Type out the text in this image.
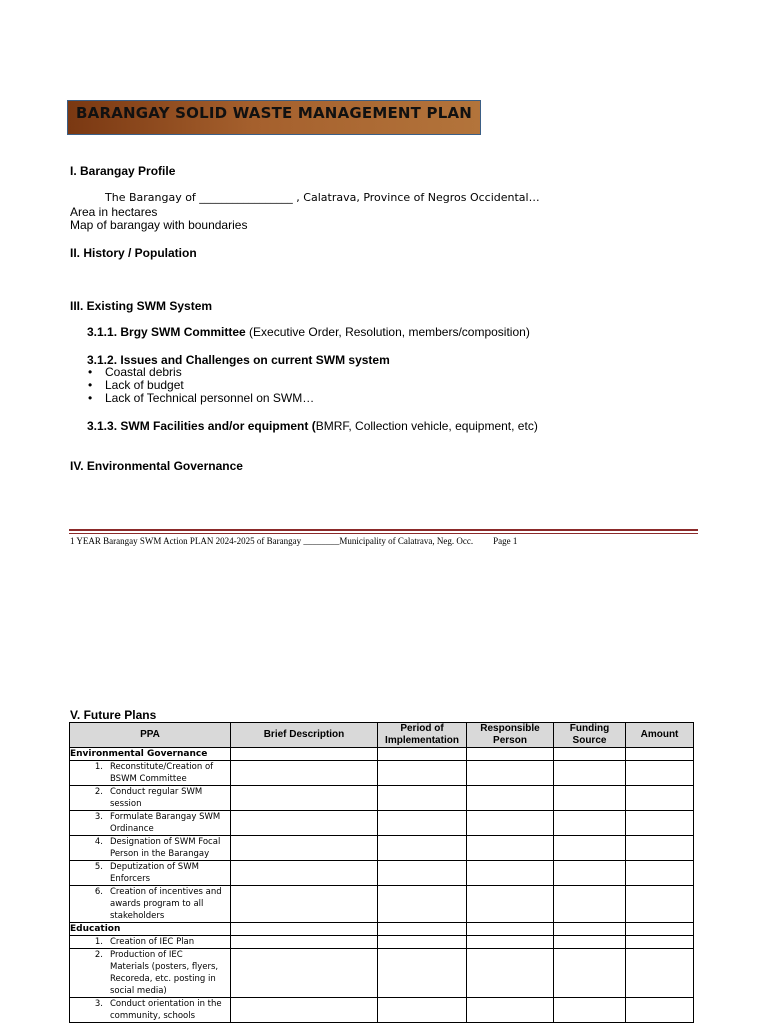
BARANGAY SOLID WASTE MANAGEMENT PLAN
I. Barangay Profile
The Barangay of _________________ , Calatrava, Province of Negros Occidental…
Area in hectares
Map of barangay with boundaries
II. History / Population
III. Existing SWM System
3.1.1. Brgy SWM Committee (Executive Order, Resolution, members/composition)
3.1.2. Issues and Challenges on current SWM system
• Coastal debris
• Lack of budget
• Lack of Technical personnel on SWM…
3.1.3. SWM Facilities and/or equipment (BMRF, Collection vehicle, equipment, etc)
IV. Environmental Governance
1 YEAR Barangay SWM Action PLAN 2024-2025 of Barangay ________Municipality of Calatrava, Neg. Occ. Page 1
V. Future Plans
PPA	Brief Description	Period of Implementation	Responsible Person	Funding Source	Amount
Environmental Governance					
1. Reconstitute/Creation of BSWM Committee					
2. Conduct regular SWM session					
3. Formulate Barangay SWM Ordinance					
4. Designation of SWM Focal Person in the Barangay					
5. Deputization of SWM Enforcers					
6. Creation of incentives and awards program to all stakeholders					
Education					
1. Creation of IEC Plan					
2. Production of IEC Materials (posters, flyers, Recoreda, etc. posting in social media)					
3. Conduct orientation in the community, schools					
